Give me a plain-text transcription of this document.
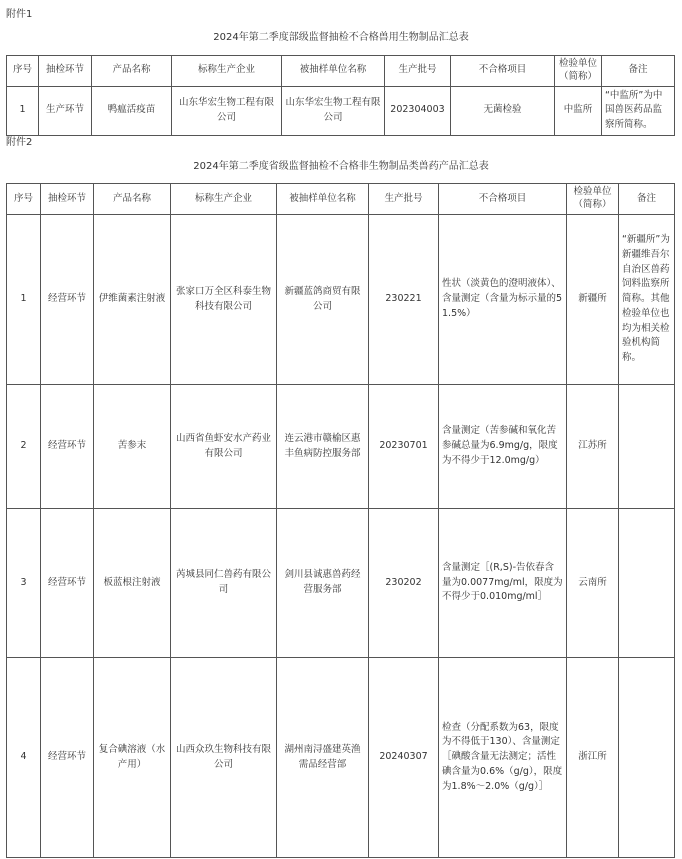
附件1
2024年第二季度部级监督抽检不合格兽用生物制品汇总表
序号	抽检环节	产品名称	标称生产企业	被抽样单位名称	生产批号	不合格项目	检验单位（简称）	备注
1	生产环节	鸭瘟活疫苗	山东华宏生物工程有限公司	山东华宏生物工程有限公司	202304003	无菌检验	中监所	“中监所”为中国兽医药品监察所简称。
附件2
2024年第二季度省级监督抽检不合格非生物制品类兽药产品汇总表
序号	抽检环节	产品名称	标称生产企业	被抽样单位名称	生产批号	不合格项目	检验单位（简称）	备注
1	经营环节	伊维菌素注射液	张家口万全区科泰生物科技有限公司	新疆蓝鸽商贸有限公司	230221	性状（淡黄色的澄明液体）、含量测定（含量为标示量的51.5%）	新疆所	“新疆所”为新疆维吾尔自治区兽药饲料监察所简称。其他检验单位也均为相关检验机构简称。
2	经营环节	苦参末	山西省鱼虾安水产药业有限公司	连云港市赣榆区惠丰鱼病防控服务部	20230701	含量测定（苦参碱和氧化苦参碱总量为6.9mg/g，限度为不得少于12.0mg/g）	江苏所	
3	经营环节	板蓝根注射液	芮城县同仁兽药有限公司	剑川县诚惠兽药经营服务部	230202	含量测定［(R,S)-告依春含量为0.0077mg/ml，限度为不得少于0.010mg/ml］	云南所	
4	经营环节	复合碘溶液（水产用）	山西众玖生物科技有限公司	湖州南浔盛建英渔需品经营部	20240307	检查（分配系数为63，限度为不得低于130）、含量测定［碘酸含量无法测定；活性碘含量为0.6%（g/g），限度为1.8%～2.0%（g/g）］	浙江所	
